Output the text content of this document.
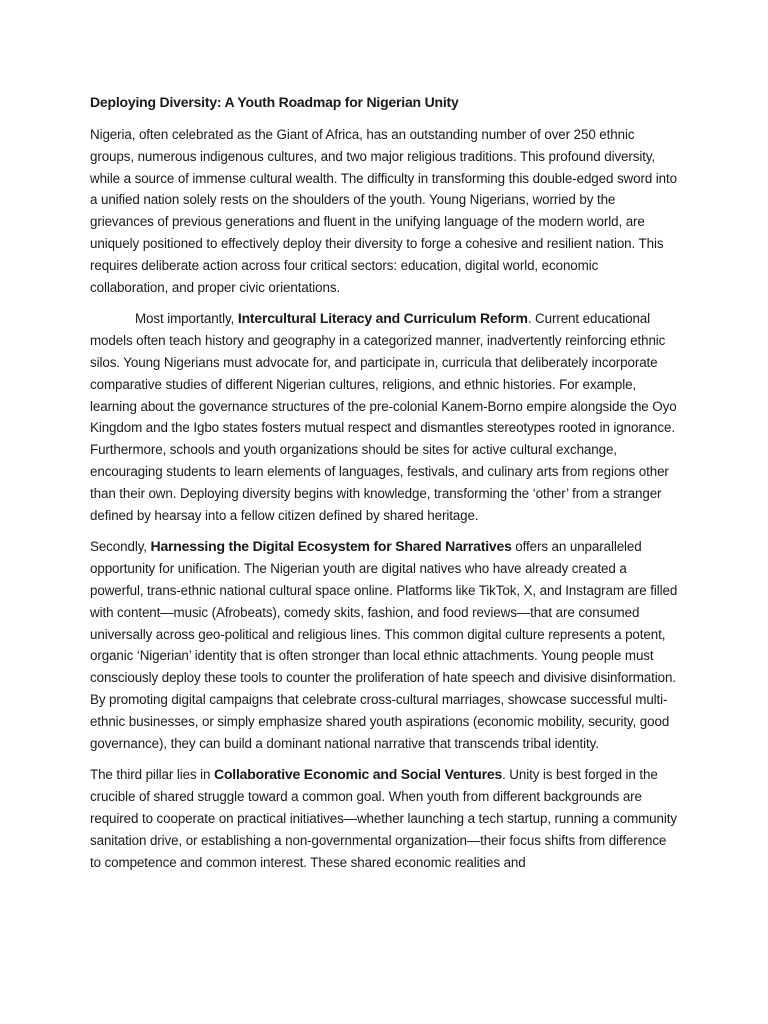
Deploying Diversity: A Youth Roadmap for Nigerian Unity

Nigeria, often celebrated as the Giant of Africa, has an outstanding number of over 250 ethnic groups, numerous indigenous cultures, and two major religious traditions. This profound diversity, while a source of immense cultural wealth. The difficulty in transforming this double-edged sword into a unified nation solely rests on the shoulders of the youth. Young Nigerians, worried by the grievances of previous generations and fluent in the unifying language of the modern world, are uniquely positioned to effectively deploy their diversity to forge a cohesive and resilient nation. This requires deliberate action across four critical sectors: education, digital world, economic collaboration, and proper civic orientations.

Most importantly, Intercultural Literacy and Curriculum Reform. Current educational models often teach history and geography in a categorized manner, inadvertently reinforcing ethnic silos. Young Nigerians must advocate for, and participate in, curricula that deliberately incorporate comparative studies of different Nigerian cultures, religions, and ethnic histories. For example, learning about the governance structures of the pre-colonial Kanem-Borno empire alongside the Oyo Kingdom and the Igbo states fosters mutual respect and dismantles stereotypes rooted in ignorance. Furthermore, schools and youth organizations should be sites for active cultural exchange, encouraging students to learn elements of languages, festivals, and culinary arts from regions other than their own. Deploying diversity begins with knowledge, transforming the ‘other’ from a stranger defined by hearsay into a fellow citizen defined by shared heritage.

Secondly, Harnessing the Digital Ecosystem for Shared Narratives offers an unparalleled opportunity for unification. The Nigerian youth are digital natives who have already created a powerful, trans-ethnic national cultural space online. Platforms like TikTok, X, and Instagram are filled with content—music (Afrobeats), comedy skits, fashion, and food reviews—that are consumed universally across geo-political and religious lines. This common digital culture represents a potent, organic ‘Nigerian’ identity that is often stronger than local ethnic attachments. Young people must consciously deploy these tools to counter the proliferation of hate speech and divisive disinformation. By promoting digital campaigns that celebrate cross-cultural marriages, showcase successful multi-ethnic businesses, or simply emphasize shared youth aspirations (economic mobility, security, good governance), they can build a dominant national narrative that transcends tribal identity.

The third pillar lies in Collaborative Economic and Social Ventures. Unity is best forged in the crucible of shared struggle toward a common goal. When youth from different backgrounds are required to cooperate on practical initiatives—whether launching a tech startup, running a community sanitation drive, or establishing a non-governmental organization—their focus shifts from difference to competence and common interest. These shared economic realities and
